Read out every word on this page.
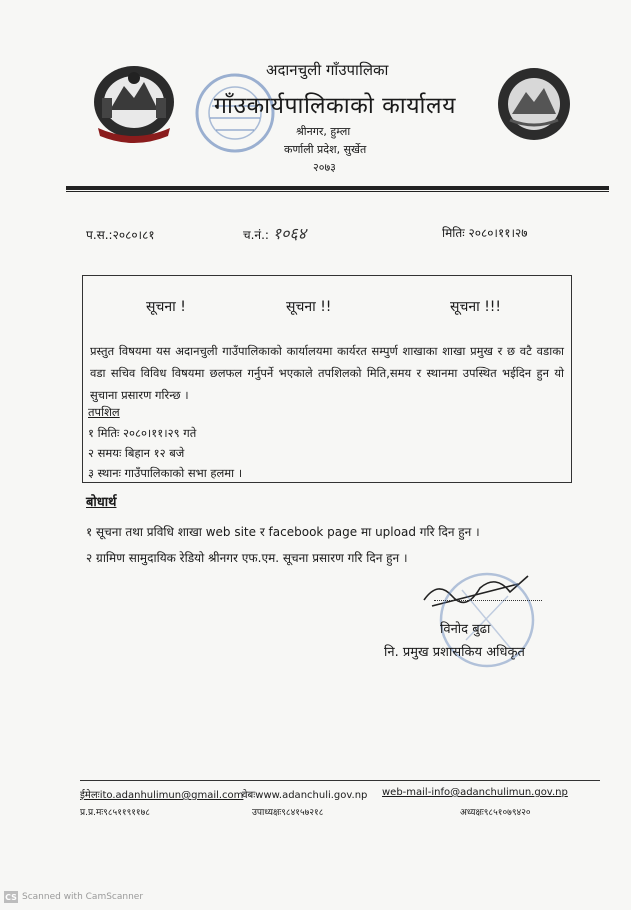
अदानचुली गाँउपालिका
गाँउकार्यपालिकाको कार्यालय
श्रीनगर, हुम्ला
कर्णाली प्रदेश, सुर्खेत
२०७३
प.स.:२०८०।८१	च.नं.: १०६४	मितिः २०८०।११।२७
सूचना !	सूचना !!	सूचना !!!
प्रस्तुत विषयमा यस अदानचुली गाउँपालिकाको कार्यालयमा कार्यरत सम्पुर्ण शाखाका शाखा प्रमुख र छ वटै वडाका वडा सचिव विविध विषयमा छलफल गर्नुपर्ने भएकाले तपशिलको मिति,समय र स्थानमा उपस्थित भईदिन हुन यो सुचाना प्रसारण गरिन्छ ।
तपशिल
१ मितिः २०८०।११।२९ गते
२ समयः बिहान १२ बजे
३ स्थानः गाउँपालिकाको सभा हलमा ।
बोधार्थ
१ सूचना तथा प्रविधि शाखा web site र facebook page मा upload गरि दिन हुन ।
२ ग्रामिण सामुदायिक रेडियो श्रीनगर एफ.एम. सूचना प्रसारण गरि दिन हुन ।
विनोद बुढा
नि. प्रमुख प्रशासकिय अधिकृत
ईमेलःito.adanhulimun@gmail.com
वेबःwww.adanchuli.gov.np web-mail-info@adanchulimun.gov.np
प्र.प्र.मः९८५११९११७८	उपाध्यक्षः९८४१५७२१८	अध्यक्षः९८५१०७९४२०
CS Scanned with CamScanner
